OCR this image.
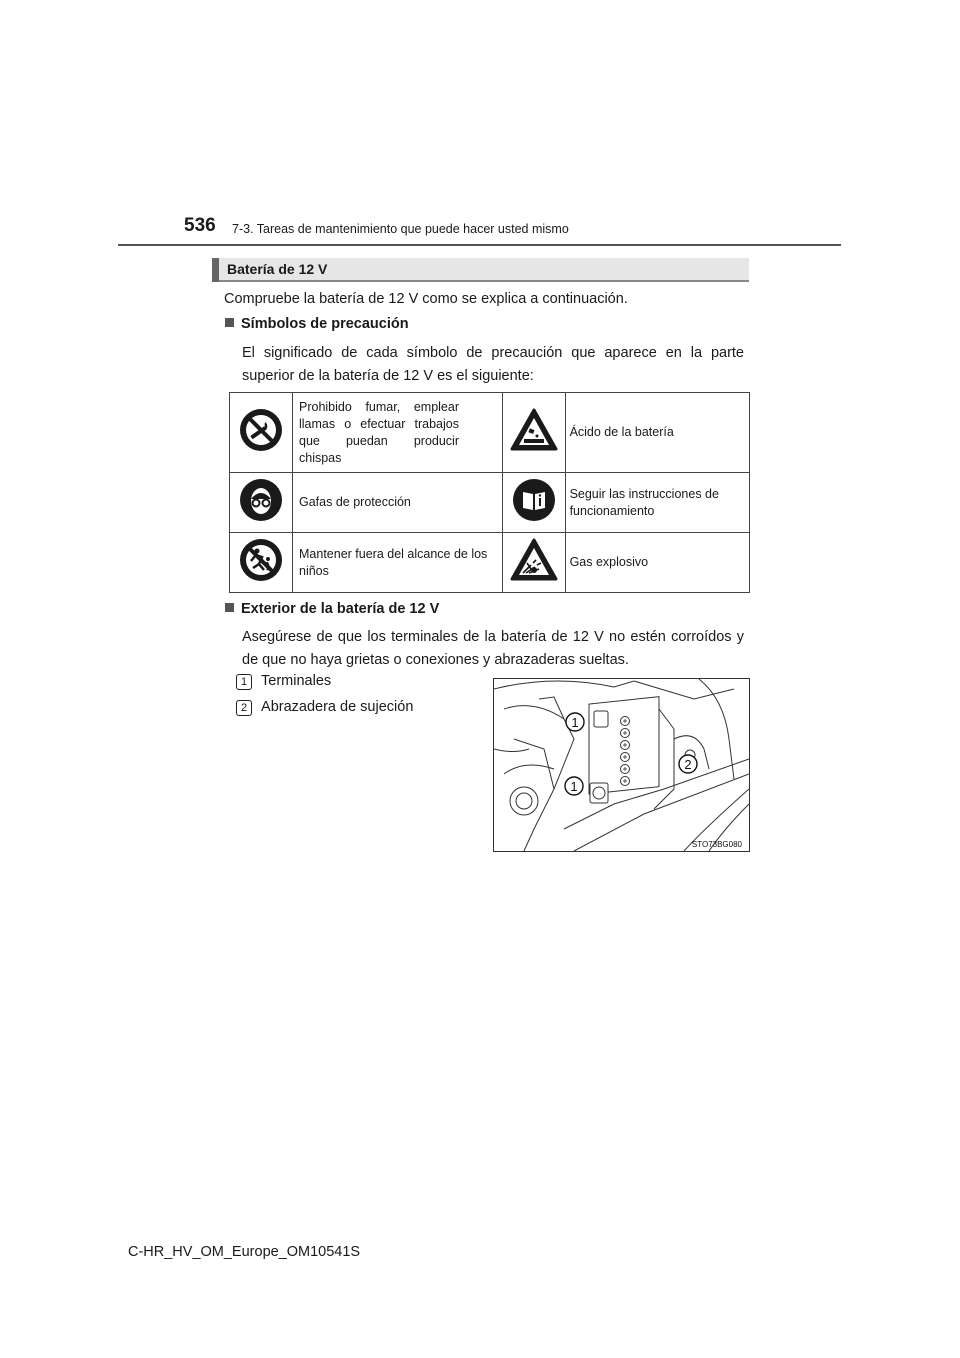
536 7-3. Tareas de mantenimiento que puede hacer usted mismo
Batería de 12 V
Compruebe la batería de 12 V como se explica a continuación.
Símbolos de precaución
El significado de cada símbolo de precaución que aparece en la parte superior de la batería de 12 V es el siguiente:

Prohibido fumar, emplear llamas o efectuar trabajos que puedan producir chispas		Ácido de la batería
	Gafas de protección		Seguir las instrucciones de funcionamiento
	Mantener fuera del alcance de los niños		Gas explosivo
Exterior de la batería de 12 V
Asegúrese de que los terminales de la batería de 12 V no estén corroídos y de que no haya grietas o conexiones y abrazaderas sueltas.
1 Terminales
2 Abrazadera de sujeción
1
1
2
STO73BG080
C-HR_HV_OM_Europe_OM10541S
